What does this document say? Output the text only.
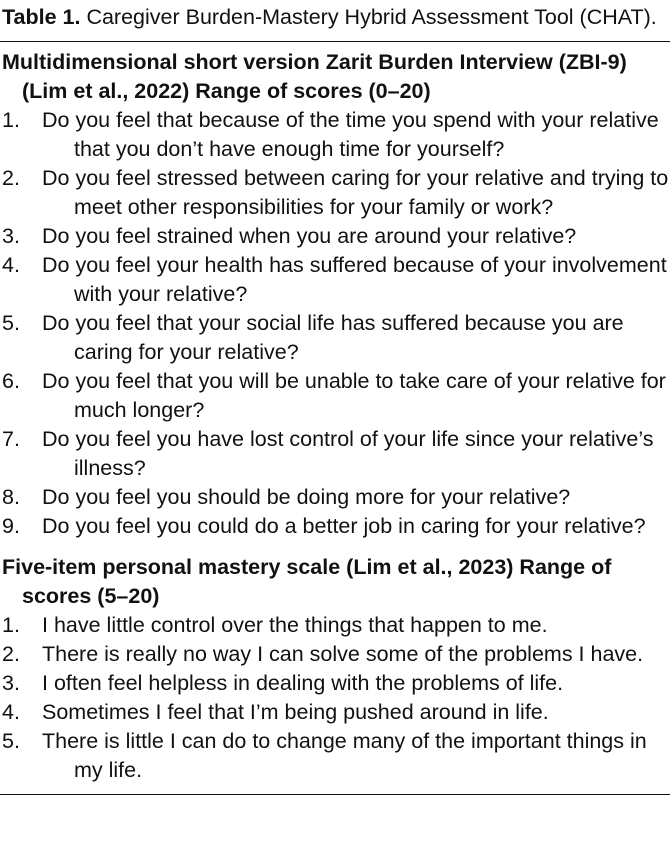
Table 1. Caregiver Burden-Mastery Hybrid Assessment Tool (CHAT).

Multidimensional short version Zarit Burden Interview (ZBI-9) (Lim et al., 2022) Range of scores (0–20)
1.	Do you feel that because of the time you spend with your relative that you don’t have enough time for yourself?
2.	Do you feel stressed between caring for your relative and trying to meet other responsibilities for your family or work?
3.	Do you feel strained when you are around your relative?
4.	Do you feel your health has suffered because of your involvement with your relative?
5.	Do you feel that your social life has suffered because you are caring for your relative?
6.	Do you feel that you will be unable to take care of your relative for much longer?
7.	Do you feel you have lost control of your life since your relative’s illness?
8.	Do you feel you should be doing more for your relative?
9.	Do you feel you could do a better job in caring for your relative?
Five-item personal mastery scale (Lim et al., 2023) Range of scores (5–20)
1.	I have little control over the things that happen to me.
2.	There is really no way I can solve some of the problems I have.
3.	I often feel helpless in dealing with the problems of life.
4.	Sometimes I feel that I’m being pushed around in life.
5.	There is little I can do to change many of the important things in my life.
